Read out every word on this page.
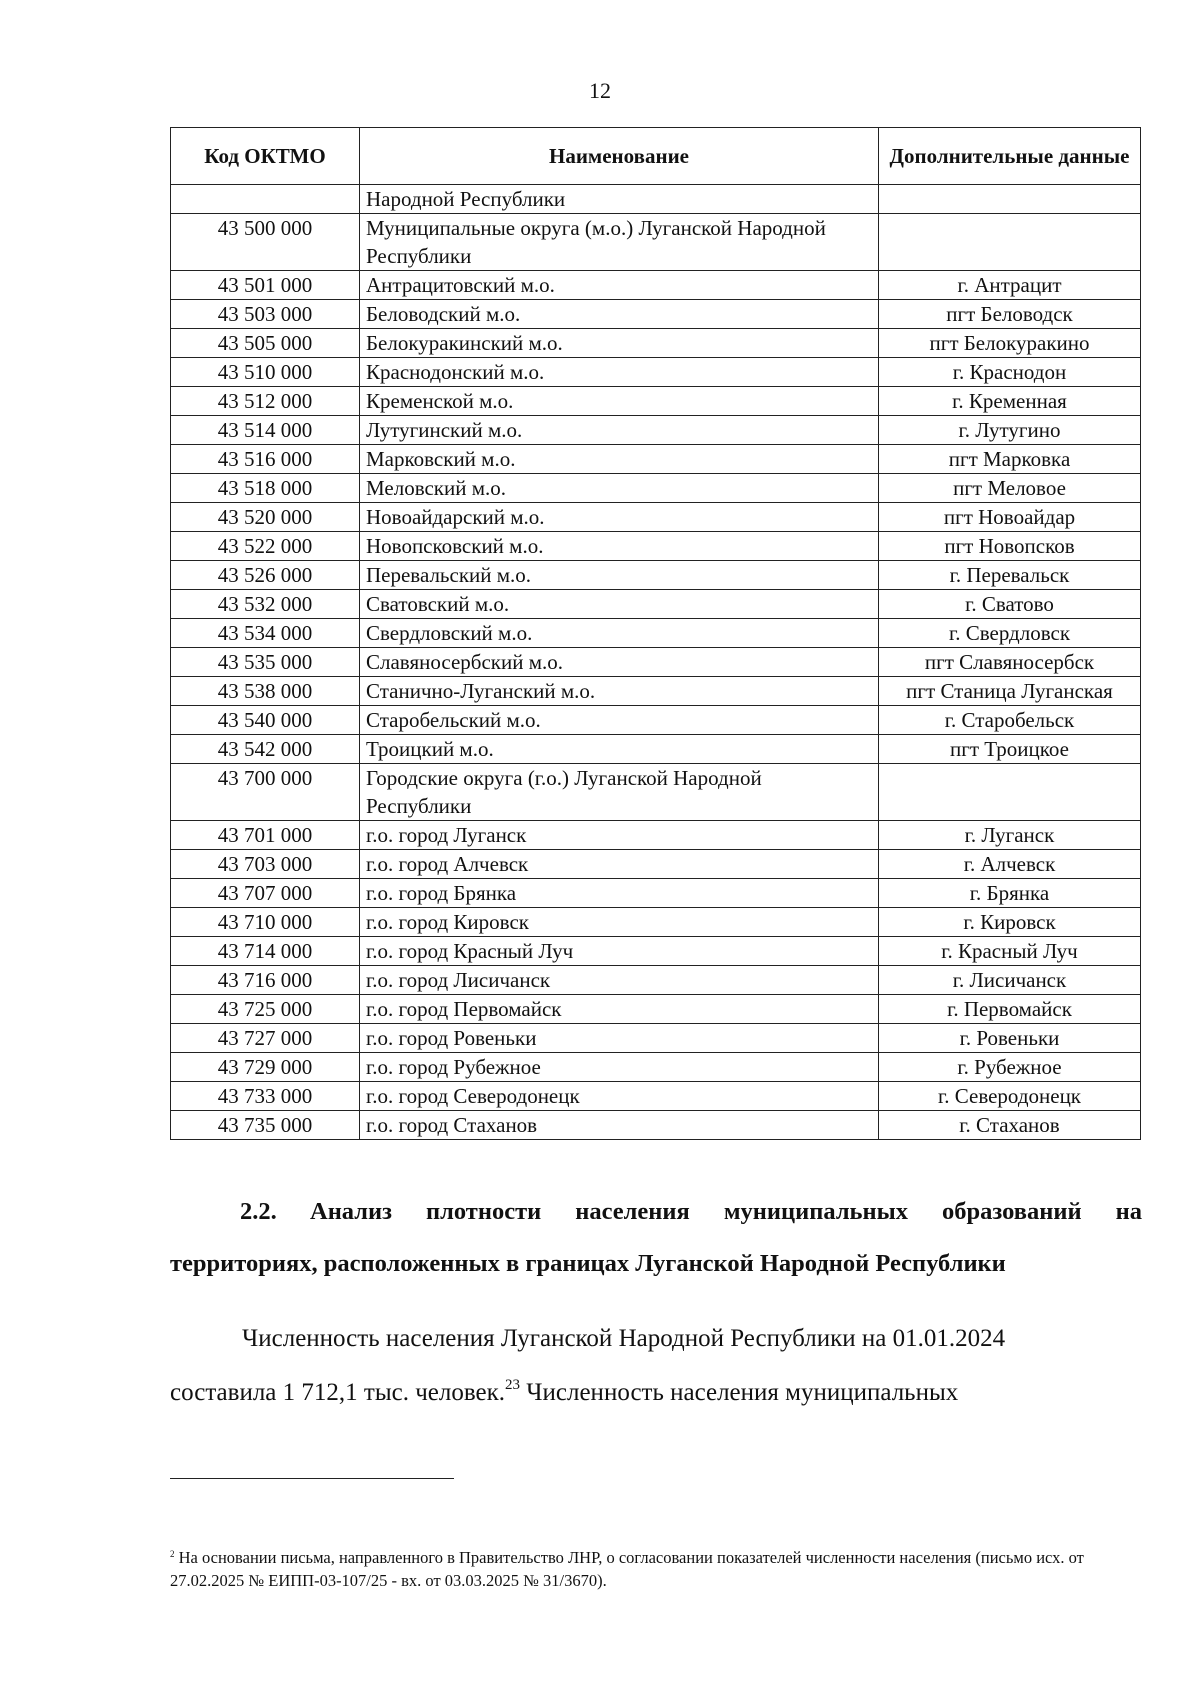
12
Код ОКТМО	Наименование	Дополнительные данные
	Народной Республики	
43 500 000	Муниципальные округа (м.о.) Луганской Народной Республики	
43 501 000	Антрацитовский м.о.	г. Антрацит
43 503 000	Беловодский м.о.	пгт Беловодск
43 505 000	Белокуракинский м.о.	пгт Белокуракино
43 510 000	Краснодонский м.о.	г. Краснодон
43 512 000	Кременской м.о.	г. Кременная
43 514 000	Лутугинский м.о.	г. Лутугино
43 516 000	Марковский м.о.	пгт Марковка
43 518 000	Меловский м.о.	пгт Меловое
43 520 000	Новоайдарский м.о.	пгт Новоайдар
43 522 000	Новопсковский м.о.	пгт Новопсков
43 526 000	Перевальский м.о.	г. Перевальск
43 532 000	Сватовский м.о.	г. Сватово
43 534 000	Свердловский м.о.	г. Свердловск
43 535 000	Славяносербский м.о.	пгт Славяносербск
43 538 000	Станично-Луганский м.о.	пгт Станица Луганская
43 540 000	Старобельский м.о.	г. Старобельск
43 542 000	Троицкий м.о.	пгт Троицкое
43 700 000	Городские округа (г.о.) Луганской Народной Республики	
43 701 000	г.о. город Луганск	г. Луганск
43 703 000	г.о. город Алчевск	г. Алчевск
43 707 000	г.о. город Брянка	г. Брянка
43 710 000	г.о. город Кировск	г. Кировск
43 714 000	г.о. город Красный Луч	г. Красный Луч
43 716 000	г.о. город Лисичанск	г. Лисичанск
43 725 000	г.о. город Первомайск	г. Первомайск
43 727 000	г.о. город Ровеньки	г. Ровеньки
43 729 000	г.о. город Рубежное	г. Рубежное
43 733 000	г.о. город Северодонецк	г. Северодонецк
43 735 000	г.о. город Стаханов	г. Стаханов
2.2. Анализ плотности населения муниципальных образований на
территориях, расположенных в границах Луганской Народной Республики
Численность населения Луганской Народной Республики на 01.01.2024
составила 1 712,1 тыс. человек.$^{23}$ Численность населения муниципальных
$^2$ На основании письма, направленного в Правительство ЛНР, о согласовании показателей численности населения (письмо исх. от 27.02.2025 № ЕИПП-03-107/25 - вх. от 03.03.2025 № 31/3670).
